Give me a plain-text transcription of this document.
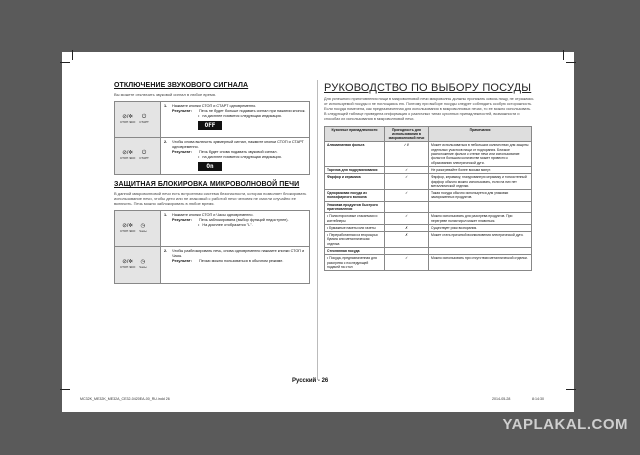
ОТКЛЮЧЕНИЕ ЗВУКОВОГО СИГНАЛА
Вы можете отключить звуковой сигнал в любое время.
⊘/✲
СТОП ЭКО
⏻
СТАРТ
1.	Нажмите кнопки СТОП и СТАРТ одновременно.
Результат:	Печь не будет больше подавать сигнал при нажатии кнопок.
• на дисплее появится следующая индикация.
OFF
⊘/✲
СТОП ЭКО
⏻
СТАРТ
2.	Чтобы снова включить зуммерный сигнал, нажмите кнопки СТОП и СТАРТ одновременно.
Результат:	Печь будет снова подавать звуковой сигнал.
• на дисплее появится следующая индикация.
On
ЗАЩИТНАЯ БЛОКИРОВКА МИКРОВОЛНОВОЙ ПЕЧИ
В данной микроволновой печи есть встроенная система безопасности, которая позволяет блокировать использование печи, чтобы дети или не знакомый с работой печи человек не смогли случайно ее включить. Печь можно заблокировать в любое время.
⊘/✲
СТОП ЭКО
◷
Часы
1.	Нажмите кнопки СТОП и Часы одновременно.
Результат:	Печь заблокирована (выбор функций недоступен).
• На дисплее отобразится "L".
⊘/✲
СТОП ЭКО
◷
Часы
2.	Чтобы разблокировать печь, снова одновременно нажмите кнопки СТОП и Часы.
Результат:	Печью можно пользоваться в обычном режиме.
РУКОВОДСТВО ПО ВЫБОРУ ПОСУДЫ
Для успешного приготовления пищи в микроволновой печи микроволны должны проникать сквозь пищу, не отражаясь от используемой посуды и не поглощаясь ею. Поэтому при выборе посуды следует соблюдать особую осторожность. Если посуда помечена, как предназначенная для использования в микроволновых печах, то ее можно использовать. В следующей таблице приведена информация о различных типах кухонных принадлежностей, возможности и способах их использования в микроволновой печи.
Кухонные принадлежности	Пригодность для использования в микроволновой печи	Примечания
Алюминиевая фольга	✓✗	Может использоваться в небольших количествах для защиты отдельных участков пищи от подгорания. Близкое расположение фольги к стенке печи или использование фольги в большом количестве может привести к образованию электрической дуги.
Тарелка для подрумянивания	✓	Не разогревайте более восьми минут.
Фарфор и керамика	✓	Фарфор, керамику, глазурованную керамику и тонкостенный фарфор обычно можно использовать, если на них нет металлической отделки.
Одноразовая посуда из полиэфирного волокна	✓	Такая посуда обычно используется для упаковки замороженных продуктов.
Упаковка продуктов быстрого приготовления		
• Полистироловые стаканчики и контейнеры	✓	Можно использовать для разогрева продуктов. При перегреве полистирол может плавиться.
• Бумажные пакеты или газеты	✗	Существует риск возгорания.
• Переработанная из вторсырья бумага или металлическая отделка	✗	Может стать причиной возникновения электрической дуги.
Стеклянная посуда		
• Посуда, предназначенная для разогрева с последующей подачей на стол	✓	Можно использовать при отсутствии металлической отделки.
Русский - 26
MC32K_ME32K_ME32A_CE32-0420EA-00_RU.indd 26	2014-05-28	8:14:30
YAPLAKAL.COM
